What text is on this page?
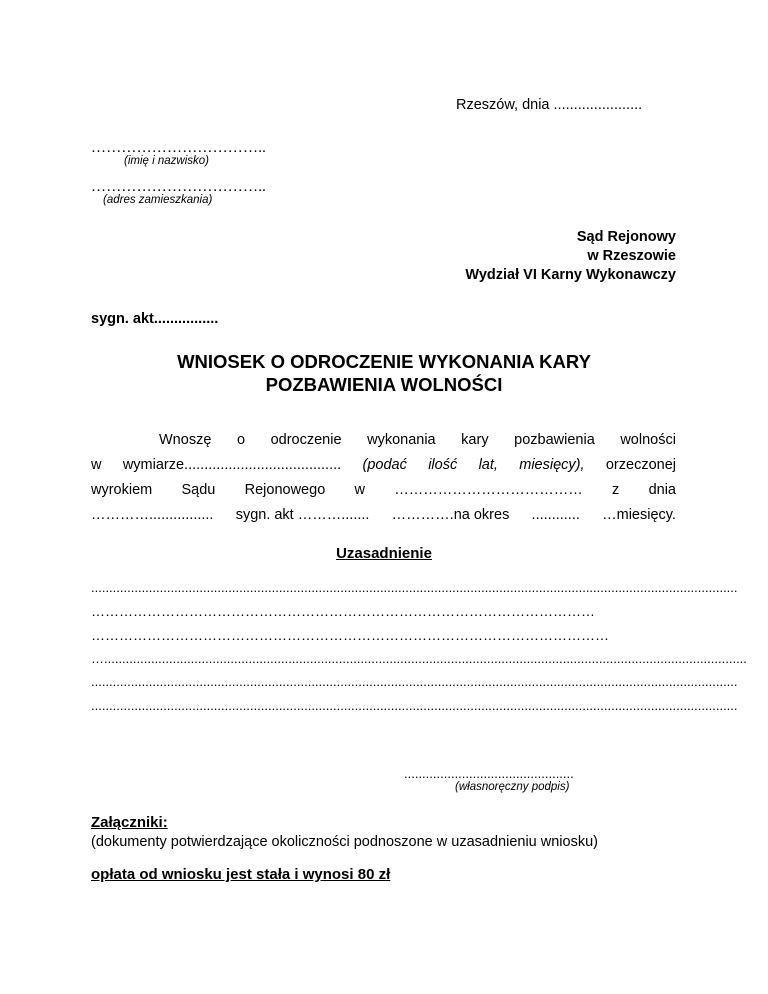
Rzeszów, dnia ......................
……………………………..
(imię i nazwisko)
……………………………..
(adres zamieszkania)
Sąd Rejonowy
w Rzeszowie
Wydział VI Karny Wykonawczy
sygn. akt................
WNIOSEK O ODROCZENIE WYKONANIA KARY
POZBAWIENIA WOLNOŚCI
Wnoszę o odroczenie wykonania kary pozbawienia wolności
w wymiarze....................................... (podać ilość lat, miesięcy), orzeczonej
wyrokiem Sądu Rejonowego w ………………………………… z dnia
…………................ sygn. akt ………....... ………….na okres ............ …miesięcy.
Uzasadnienie
...................................................................................................................................................................................
………………………………………………………………………………………………
…………………………………………………………………………………………………
…..................................................................................................................................................................................
...................................................................................................................................................................................
...................................................................................................................................................................................
...............................................
(własnoręczny podpis)
Załączniki:
(dokumenty potwierdzające okoliczności podnoszone w uzasadnieniu wniosku)
opłata od wniosku jest stała i wynosi 80 zł
